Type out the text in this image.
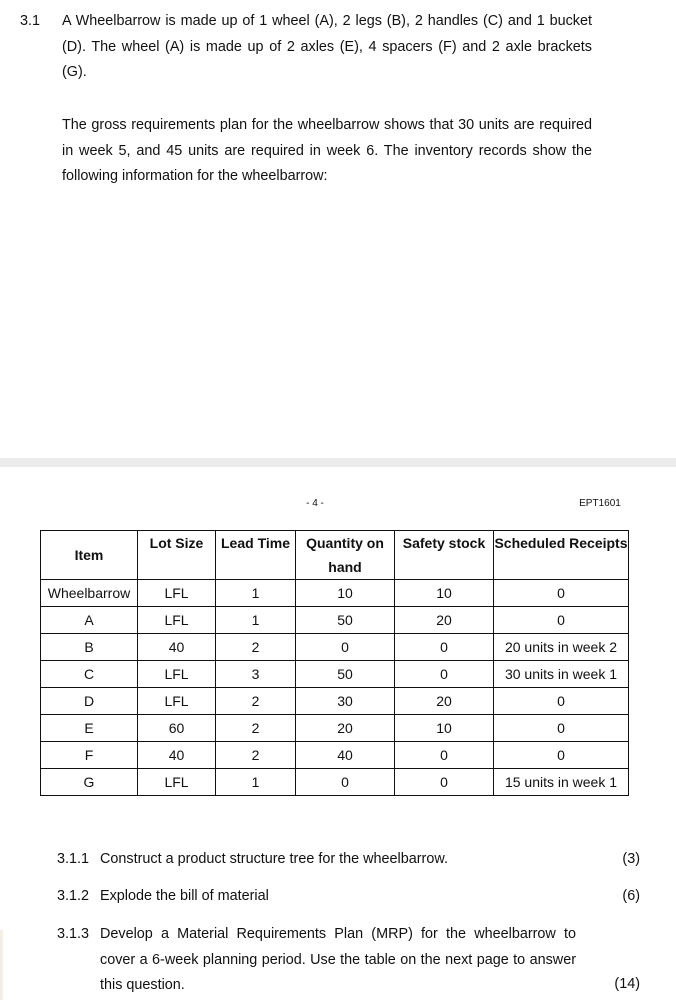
3.1 A Wheelbarrow is made up of 1 wheel (A), 2 legs (B), 2 handles (C) and 1 bucket (D). The wheel (A) is made up of 2 axles (E), 4 spacers (F) and 2 axle brackets (G).
The gross requirements plan for the wheelbarrow shows that 30 units are required in week 5, and 45 units are required in week 6. The inventory records show the following information for the wheelbarrow:
- 4 -	EPT1601
Item	Lot Size	Lead Time	Quantity on hand	Safety stock	Scheduled Receipts
Wheelbarrow	LFL	1	10	10	0
A	LFL	1	50	20	0
B	40	2	0	0	20 units in week 2
C	LFL	3	50	0	30 units in week 1
D	LFL	2	30	20	0
E	60	2	20	10	0
F	40	2	40	0	0
G	LFL	1	0	0	15 units in week 1
3.1.1 Construct a product structure tree for the wheelbarrow.	(3)
3.1.2 Explode the bill of material	(6)
3.1.3 Develop a Material Requirements Plan (MRP) for the wheelbarrow to cover a 6-week planning period. Use the table on the next page to answer this question.	(14)
